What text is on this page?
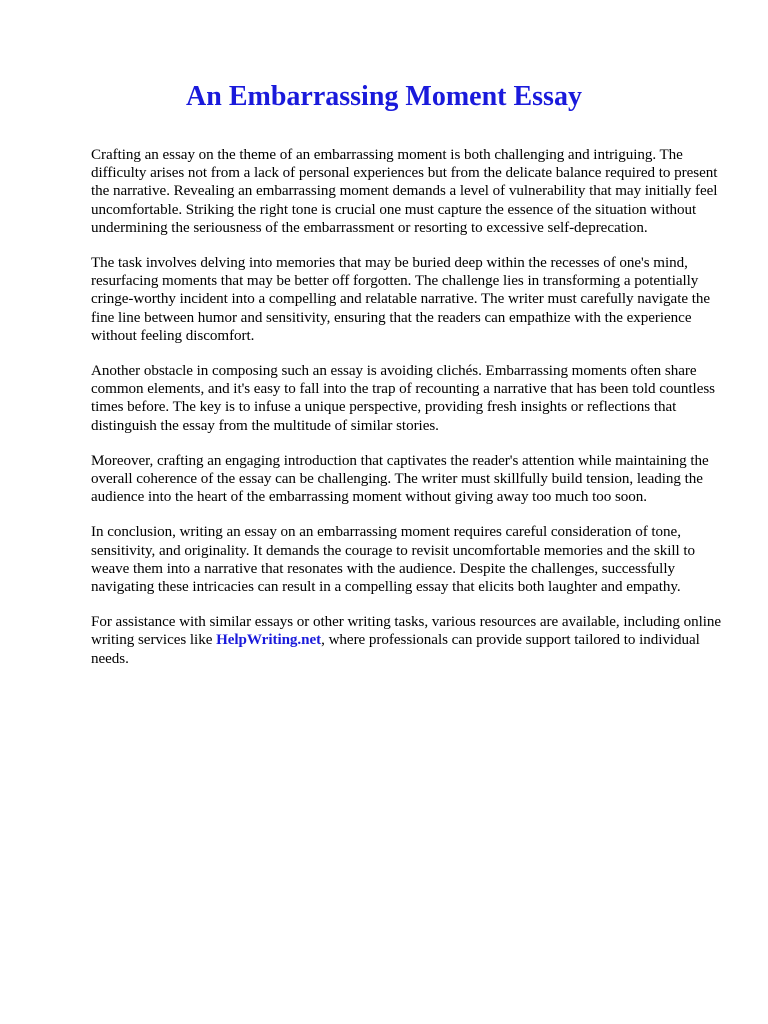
An Embarrassing Moment Essay

Crafting an essay on the theme of an embarrassing moment is both challenging and intriguing. The difficulty arises not from a lack of personal experiences but from the delicate balance required to present the narrative. Revealing an embarrassing moment demands a level of vulnerability that may initially feel uncomfortable. Striking the right tone is crucial one must capture the essence of the situation without undermining the seriousness of the embarrassment or resorting to excessive self-deprecation.

The task involves delving into memories that may be buried deep within the recesses of one's mind, resurfacing moments that may be better off forgotten. The challenge lies in transforming a potentially cringe-worthy incident into a compelling and relatable narrative. The writer must carefully navigate the fine line between humor and sensitivity, ensuring that the readers can empathize with the experience without feeling discomfort.

Another obstacle in composing such an essay is avoiding clichés. Embarrassing moments often share common elements, and it's easy to fall into the trap of recounting a narrative that has been told countless times before. The key is to infuse a unique perspective, providing fresh insights or reflections that distinguish the essay from the multitude of similar stories.

Moreover, crafting an engaging introduction that captivates the reader's attention while maintaining the overall coherence of the essay can be challenging. The writer must skillfully build tension, leading the audience into the heart of the embarrassing moment without giving away too much too soon.

In conclusion, writing an essay on an embarrassing moment requires careful consideration of tone, sensitivity, and originality. It demands the courage to revisit uncomfortable memories and the skill to weave them into a narrative that resonates with the audience. Despite the challenges, successfully navigating these intricacies can result in a compelling essay that elicits both laughter and empathy.

For assistance with similar essays or other writing tasks, various resources are available, including online writing services like HelpWriting.net, where professionals can provide support tailored to individual needs.
